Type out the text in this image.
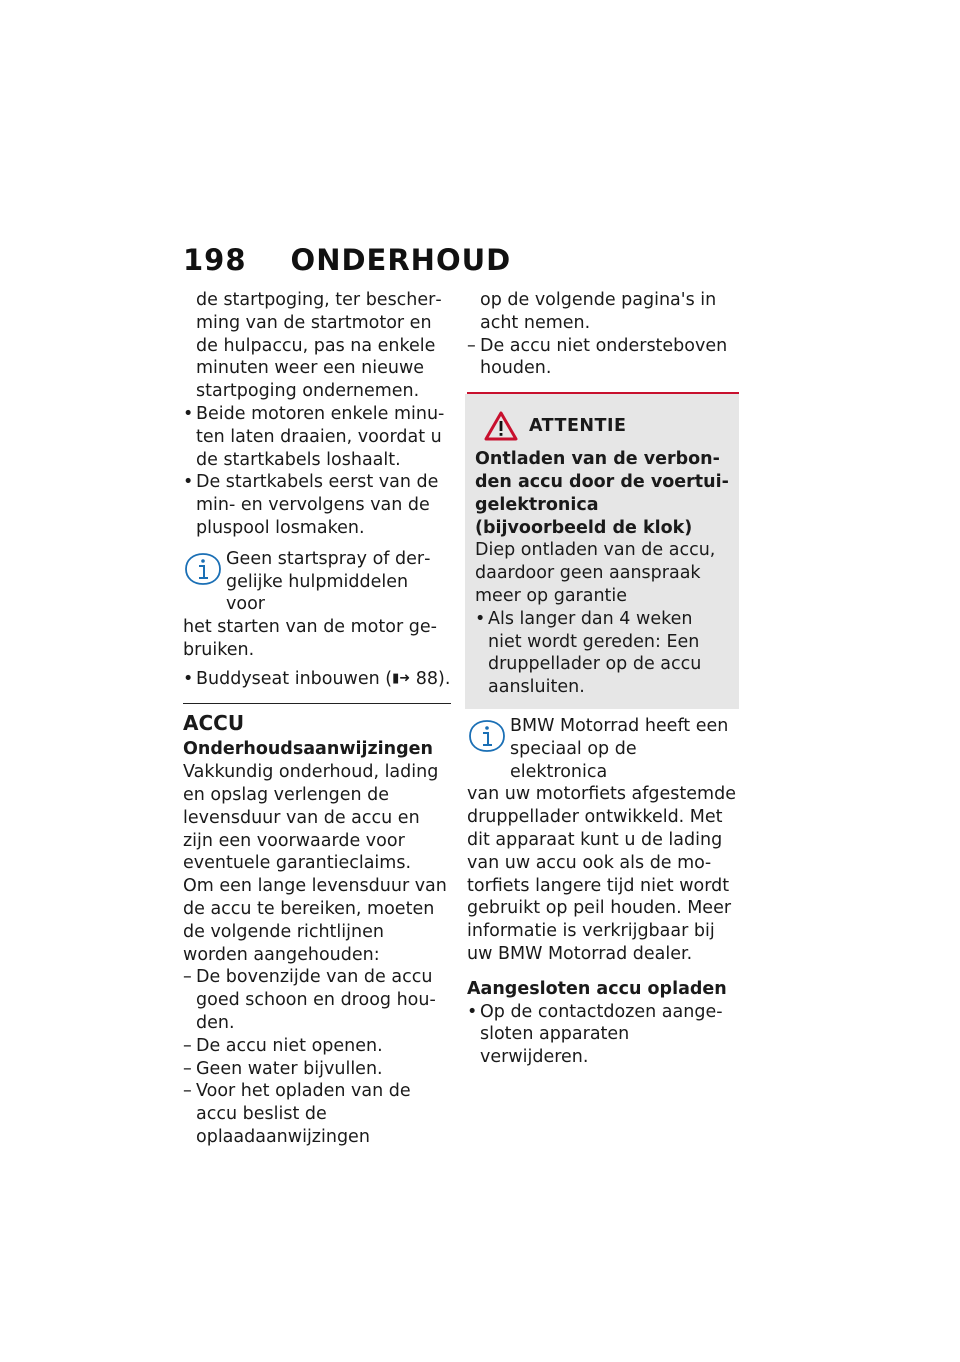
198 ONDERHOUD

de startpoging, ter bescherming van de startmotor en de hulpaccu, pas na enkele minuten weer een nieuwe startpoging ondernemen.

•
Beide motoren enkele minuten laten draaien, voordat u de startkabels loshaalt.
•
De startkabels eerst van de min- en vervolgens van de pluspool losmaken.

Geen startspray of dergelijke hulpmiddelen voor

het starten van de motor gebruiken.

•
Buddyseat inbouwen (▮➜ 88).

ACCU

Onderhoudsaanwijzingen

Vakkundig onderhoud, lading en opslag verlengen de levensduur van de accu en zijn een voorwaarde voor eventuele garantieclaims.

Om een lange levensduur van de accu te bereiken, moeten de volgende richtlijnen worden aangehouden:

–
De bovenzijde van de accu goed schoon en droog houden.
–
De accu niet openen.
–
Geen water bijvullen.
–
Voor het opladen van de accu beslist de oplaadaanwijzingen

op de volgende pagina's in acht nemen.

–
De accu niet ondersteboven houden.
ATTENTIE

Ontladen van de verbonden accu door de voertuigelektronica (bijvoorbeeld de klok)

Diep ontladen van de accu, daardoor geen aanspraak meer op garantie

•
Als langer dan 4 weken niet wordt gereden: Een druppellader op de accu aansluiten.

BMW Motorrad heeft een speciaal op de elektronica

van uw motorfiets afgestemde druppellader ontwikkeld. Met dit apparaat kunt u de lading van uw accu ook als de motorfiets langere tijd niet wordt gebruikt op peil houden. Meer informatie is verkrijgbaar bij uw BMW Motorrad dealer.

Aangesloten accu opladen

•
Op de contactdozen aangesloten apparaten verwijderen.
